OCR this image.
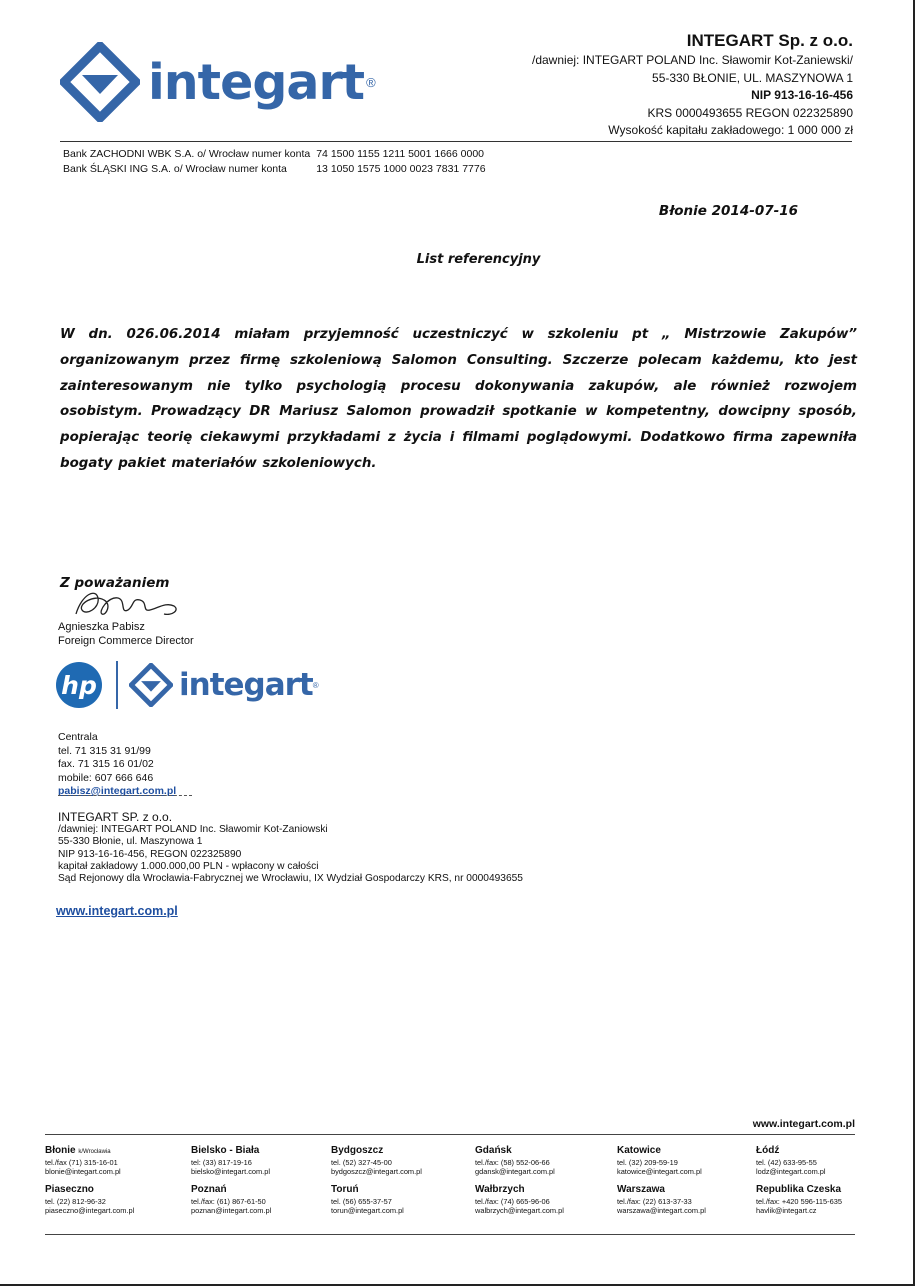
integart ®
INTEGART Sp. z o.o.
/dawniej: INTEGART POLAND Inc. Sławomir Kot-Zaniewski/
55-330 BŁONIE, UL. MASZYNOWA 1
NIP 913-16-16-456
KRS 0000493655 REGON 022325890
Wysokość kapitału zakładowego: 1 000 000 zł
Bank ZACHODNI WBK S.A. o/ Wrocław numer konta	74 1500 1155 1211 5001 1666 0000
Bank ŚLĄSKI ING S.A. o/ Wrocław numer konta	13 1050 1575 1000 0023 7831 7776
Błonie 2014-07-16
List referencyjny
W dn. 026.06.2014 miałam przyjemność uczestniczyć w szkoleniu pt „ Mistrzowie Zakupów” organizowanym przez firmę szkoleniową Salomon Consulting. Szczerze polecam każdemu, kto jest zainteresowanym nie tylko psychologią procesu dokonywania zakupów, ale również rozwojem osobistym. Prowadzący DR Mariusz Salomon prowadził spotkanie w kompetentny, dowcipny sposób, popierając teorię ciekawymi przykładami z życia i filmami poglądowymi. Dodatkowo firma zapewniła bogaty pakiet materiałów szkoleniowych.
Z poważaniem
Agnieszka Pabisz
Foreign Commerce Director
hp	integart ®
Centrala
tel. 71 315 31 91/99
fax. 71 315 16 01/02
mobile: 607 666 646
pabisz@integart.com.pl
INTEGART SP. z o.o.
/dawniej: INTEGART POLAND Inc. Sławomir Kot-Zaniowski
55-330 Błonie, ul. Maszynowa 1
NIP 913-16-16-456, REGON 022325890
kapitał zakładowy 1.000.000,00 PLN - wpłacony w całości
Sąd Rejonowy dla Wrocławia-Fabrycznej we Wrocławiu, IX Wydział Gospodarczy KRS, nr 0000493655
www.integart.com.pl
www.integart.com.pl
Błonie k/Wrocławia
tel./fax (71) 315-16-01
blonie@integart.com.pl
Bielsko - Biała
tel: (33) 817-19-16
bielsko@integart.com.pl
Bydgoszcz
tel. (52) 327-45-00
bydgoszcz@integart.com.pl
Gdańsk
tel./fax: (58) 552-06-66
gdansk@integart.com.pl
Katowice
tel. (32) 209-59-19
katowice@integart.com.pl
Łódź
tel. (42) 633-95-55
lodz@integart.com.pl
Piaseczno
tel. (22) 812-96-32
piaseczno@integart.com.pl
Poznań
tel./fax: (61) 867-61-50
poznan@integart.com.pl
Toruń
tel. (56) 655-37-57
torun@integart.com.pl
Wałbrzych
tel./fax: (74) 665-96-06
walbrzych@integart.com.pl
Warszawa
tel./fax: (22) 613-37-33
warszawa@integart.com.pl
Republika Czeska
tel./fax: +420 596-115-635
havlik@integart.cz
